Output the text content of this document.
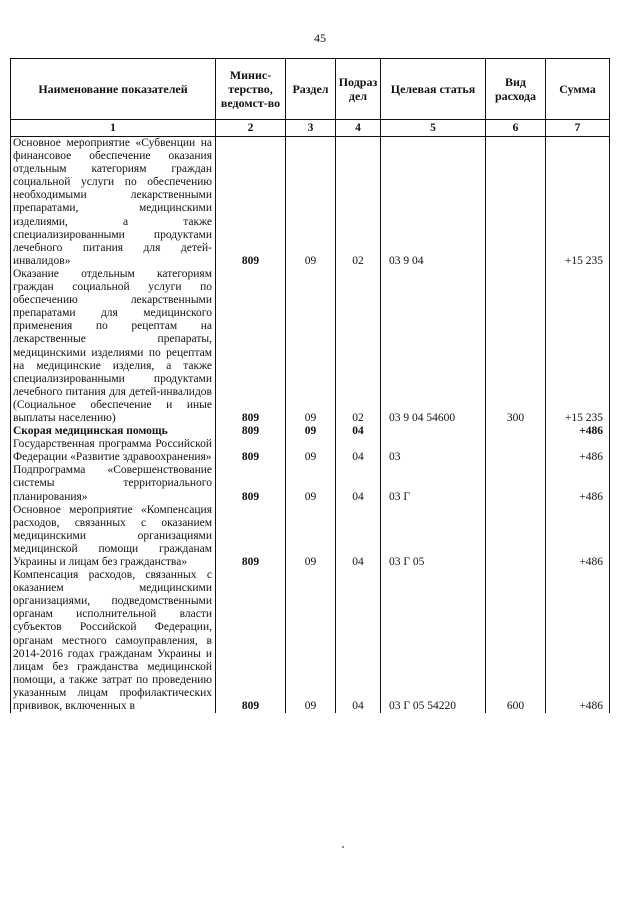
45
Наименование показателей	Минис-терство, ведомст-во	Раздел	Подраз дел	Целевая статья	Вид расхода	Сумма
1	2	3	4	5	6	7
Основное мероприятие «Субвенции на финансовое обеспечение оказания отдельным категориям граждан социальной услуги по обеспечению необходимыми лекарственными препаратами, медицинскими изделиями, а также специализированными продуктами лечебного питания для детей-инвалидов»	809	09	02	03 9 04		+15 235
Оказание отдельным категориям граждан социальной услуги по обеспечению лекарственными препаратами для медицинского применения по рецептам на лекарственные препараты, медицинскими изделиями по рецептам на медицинские изделия, а также специализированными продуктами лечебного питания для детей-инвалидов (Социальное обеспечение и иные выплаты населению)	809	09	02	03 9 04 54600	300	+15 235
Скорая медицинская помощь	809	09	04			+486
Государственная программа Российской Федерации «Развитие здравоохранения»	809	09	04	03		+486
Подпрограмма «Совершенствование системы территориального планирования»	809	09	04	03 Г		+486
Основное мероприятие «Компенсация расходов, связанных с оказанием медицинскими организациями медицинской помощи гражданам Украины и лицам без гражданства»	809	09	04	03 Г 05		+486
Компенсация расходов, связанных с оказанием медицинскими организациями, подведомственными органам исполнительной власти субъектов Российской Федерации, органам местного самоуправления, в 2014-2016 годах гражданам Украины и лицам без гражданства медицинской помощи, а также затрат по проведению указанным лицам профилактических прививок, включенных в	809	09	04	03 Г 05 54220	600	+486
